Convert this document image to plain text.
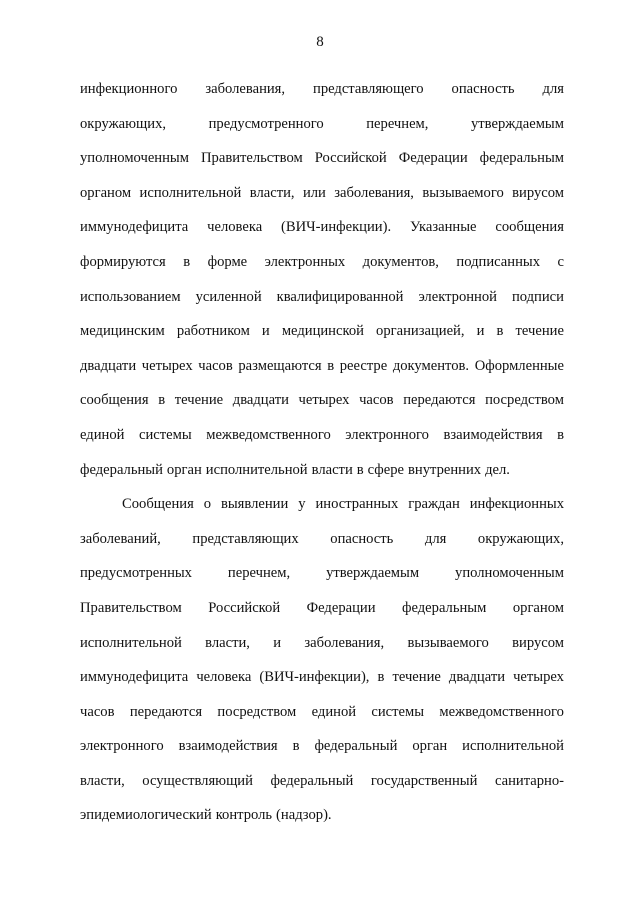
8
инфекционного заболевания, представляющего опасность для
окружающих,	предусмотренного	перечнем,	утверждаемым
уполномоченным Правительством Российской Федерации федеральным
органом исполнительной власти, или заболевания, вызываемого вирусом
иммунодефицита человека (ВИЧ-инфекции). Указанные сообщения
формируются в форме электронных документов, подписанных с
использованием усиленной квалифицированной электронной подписи
медицинским работником и медицинской организацией, и в течение
двадцати четырех часов размещаются в реестре документов. Оформленные
сообщения в течение двадцати четырех часов передаются посредством
единой системы межведомственного электронного взаимодействия в
федеральный орган исполнительной власти в сфере внутренних дел.
Сообщения о выявлении у иностранных граждан инфекционных
заболеваний, представляющих опасность для окружающих,
предусмотренных перечнем, утверждаемым уполномоченным
Правительством Российской Федерации федеральным органом
исполнительной власти, и заболевания, вызываемого вирусом
иммунодефицита человека (ВИЧ-инфекции), в течение двадцати четырех
часов передаются посредством единой системы межведомственного
электронного взаимодействия в федеральный орган исполнительной
власти, осуществляющий федеральный государственный санитарно-
эпидемиологический контроль (надзор).
